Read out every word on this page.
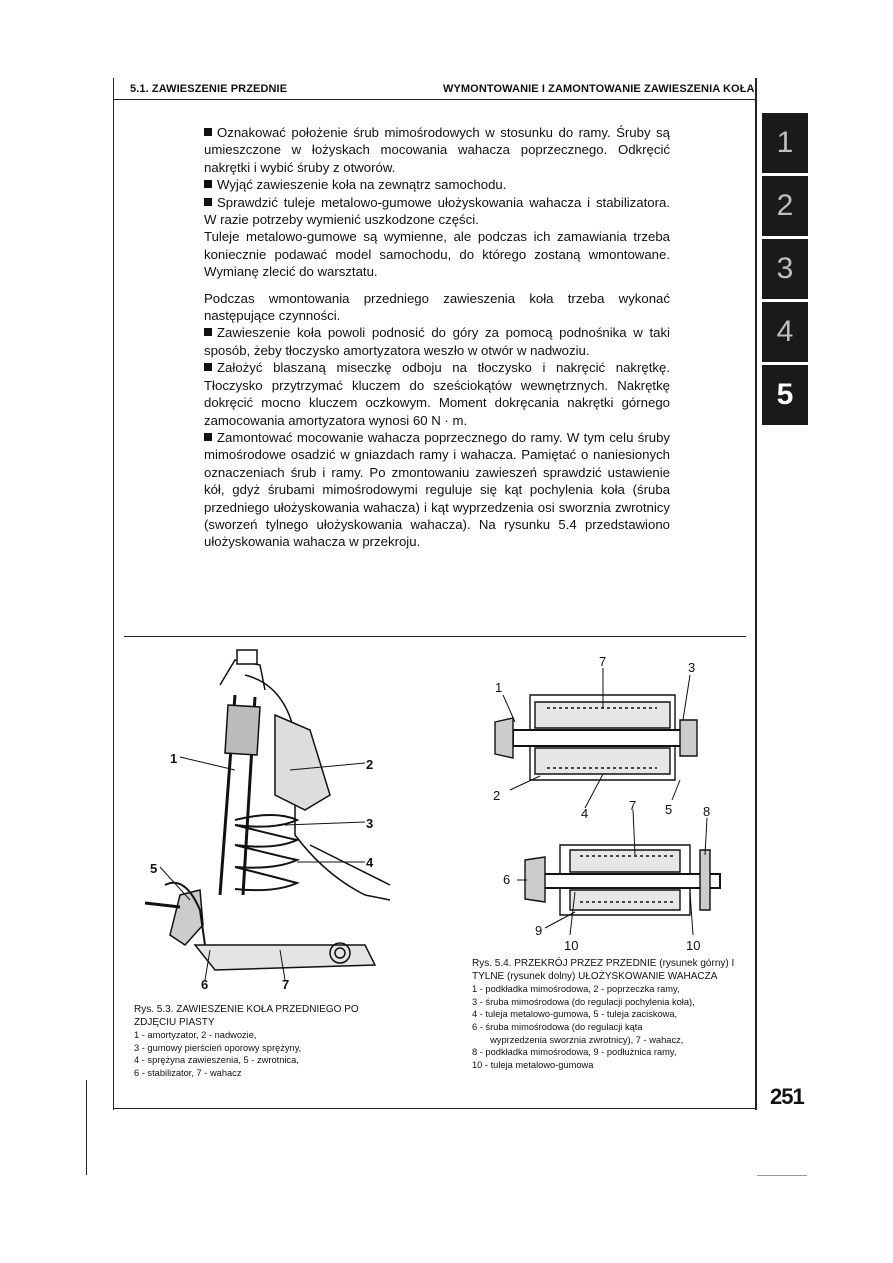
5.1. ZAWIESZENIE PRZEDNIE	WYMONTOWANIE I ZAMONTOWANIE ZAWIESZENIA KOŁA

Oznakować położenie śrub mimośrodowych w stosunku do ramy. Śruby są umieszczone w łożyskach mocowania wahacza poprzecznego. Odkręcić nakrętki i wybić śruby z otworów.

Wyjąć zawieszenie koła na zewnątrz samochodu.

Sprawdzić tuleje metalowo-gumowe ułożyskowania wahacza i stabilizatora. W razie potrzeby wymienić uszkodzone części.

Tuleje metalowo-gumowe są wymienne, ale podczas ich zamawiania trzeba koniecznie podawać model samochodu, do którego zostaną wmontowane. Wymianę zlecić do warsztatu.

Podczas wmontowania przedniego zawieszenia koła trzeba wykonać następujące czynności.

Zawieszenie koła powoli podnosić do góry za pomocą podnośnika w taki sposób, żeby tłoczysko amortyzatora weszło w otwór w nadwoziu.

Założyć blaszaną miseczkę odboju na tłoczysko i nakręcić nakrętkę. Tłoczysko przytrzymać kluczem do sześciokątów wewnętrznych. Nakrętkę dokręcić mocno kluczem oczkowym. Moment dokręcania nakrętki górnego zamocowania amortyzatora wynosi 60 N · m.

Zamontować mocowanie wahacza poprzecznego do ramy. W tym celu śruby mimośrodowe osadzić w gniazdach ramy i wahacza. Pamiętać o naniesionych oznaczeniach śrub i ramy. Po zmontowaniu zawieszeń sprawdzić ustawienie kół, gdyż śrubami mimośrodowymi reguluje się kąt pochylenia koła (śruba przedniego ułożyskowania wahacza) i kąt wyprzedzenia osi sworznia zwrotnicy (sworzeń tylnego ułożyskowania wahacza). Na rysunku 5.4 przedstawiono ułożyskowania wahacza w przekroju.

1
2
3
4
5
1	2
3
4
5
6	7
Rys. 5.3. ZAWIESZENIE KOŁA PRZEDNIEGO PO ZDJĘCIU PIASTY
1 - amortyzator, 2 - nadwozie,
3 - gumowy pierścień oporowy sprężyny,
4 - sprężyna zawieszenia, 5 - zwrotnica,
6 - stabilizator, 7 - wahacz
7	3
1
2
4
7 5 8
6
9
10	10
Rys. 5.4. PRZEKRÓJ PRZEZ PRZEDNIE (rysunek górny) I TYLNE (rysunek dolny) UŁOŻYSKOWANIE WAHACZA
1 - podkładka mimośrodowa, 2 - poprzeczka ramy,
3 - śruba mimośrodowa (do regulacji pochylenia koła),
4 - tuleja metalowo-gumowa, 5 - tuleja zaciskowa,
6 - śruba mimośrodowa (do regulacji kąta
wyprzedzenia sworznia zwrotnicy), 7 - wahacz,
8 - podkładka mimośrodowa, 9 - podłużnica ramy,
10 - tuleja metalowo-gumowa
251
